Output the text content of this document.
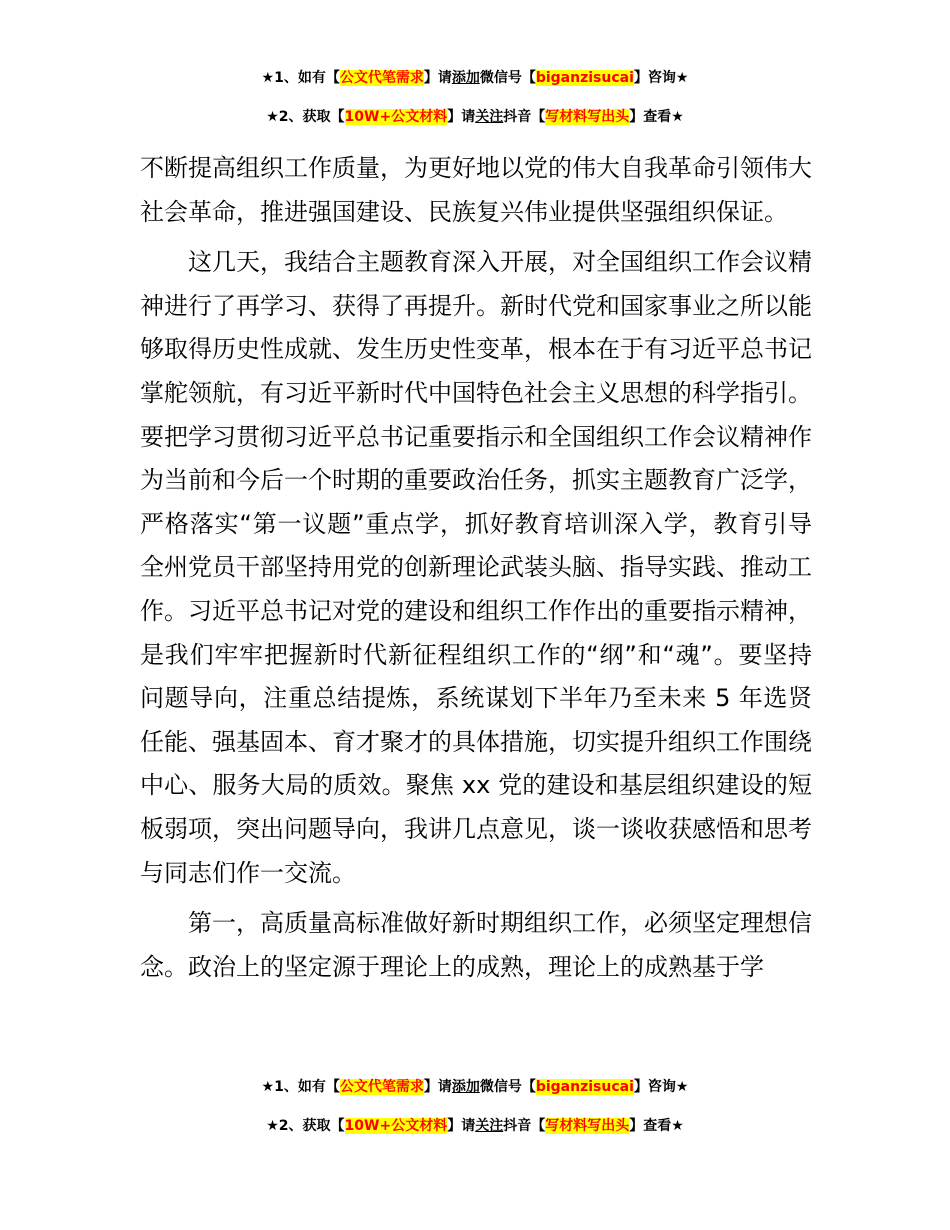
★1、如有【公文代笔需求】请添加微信号【biganzisucai】咨询★
★2、获取【10W+公文材料】请关注抖音【写材料写出头】查看★

不断提高组织工作质量，为更好地以党的伟大自我革命引领伟大社会革命，推进强国建设、民族复兴伟业提供坚强组织保证。

这几天，我结合主题教育深入开展，对全国组织工作会议精神进行了再学习、获得了再提升。新时代党和国家事业之所以能够取得历史性成就、发生历史性变革，根本在于有习近平总书记掌舵领航，有习近平新时代中国特色社会主义思想的科学指引。要把学习贯彻习近平总书记重要指示和全国组织工作会议精神作为当前和今后一个时期的重要政治任务，抓实主题教育广泛学，严格落实“第一议题”重点学，抓好教育培训深入学，教育引导全州党员干部坚持用党的创新理论武装头脑、指导实践、推动工作。习近平总书记对党的建设和组织工作作出的重要指示精神，是我们牢牢把握新时代新征程组织工作的“纲”和“魂”。要坚持问题导向，注重总结提炼，系统谋划下半年乃至未来 5 年选贤任能、强基固本、育才聚才的具体措施，切实提升组织工作围绕中心、服务大局的质效。聚焦 xx 党的建设和基层组织建设的短板弱项，突出问题导向，我讲几点意见，谈一谈收获感悟和思考与同志们作一交流。

第一，高质量高标准做好新时期组织工作，必须坚定理想信念。政治上的坚定源于理论上的成熟，理论上的成熟基于学

★1、如有【公文代笔需求】请添加微信号【biganzisucai】咨询★
★2、获取【10W+公文材料】请关注抖音【写材料写出头】查看★
